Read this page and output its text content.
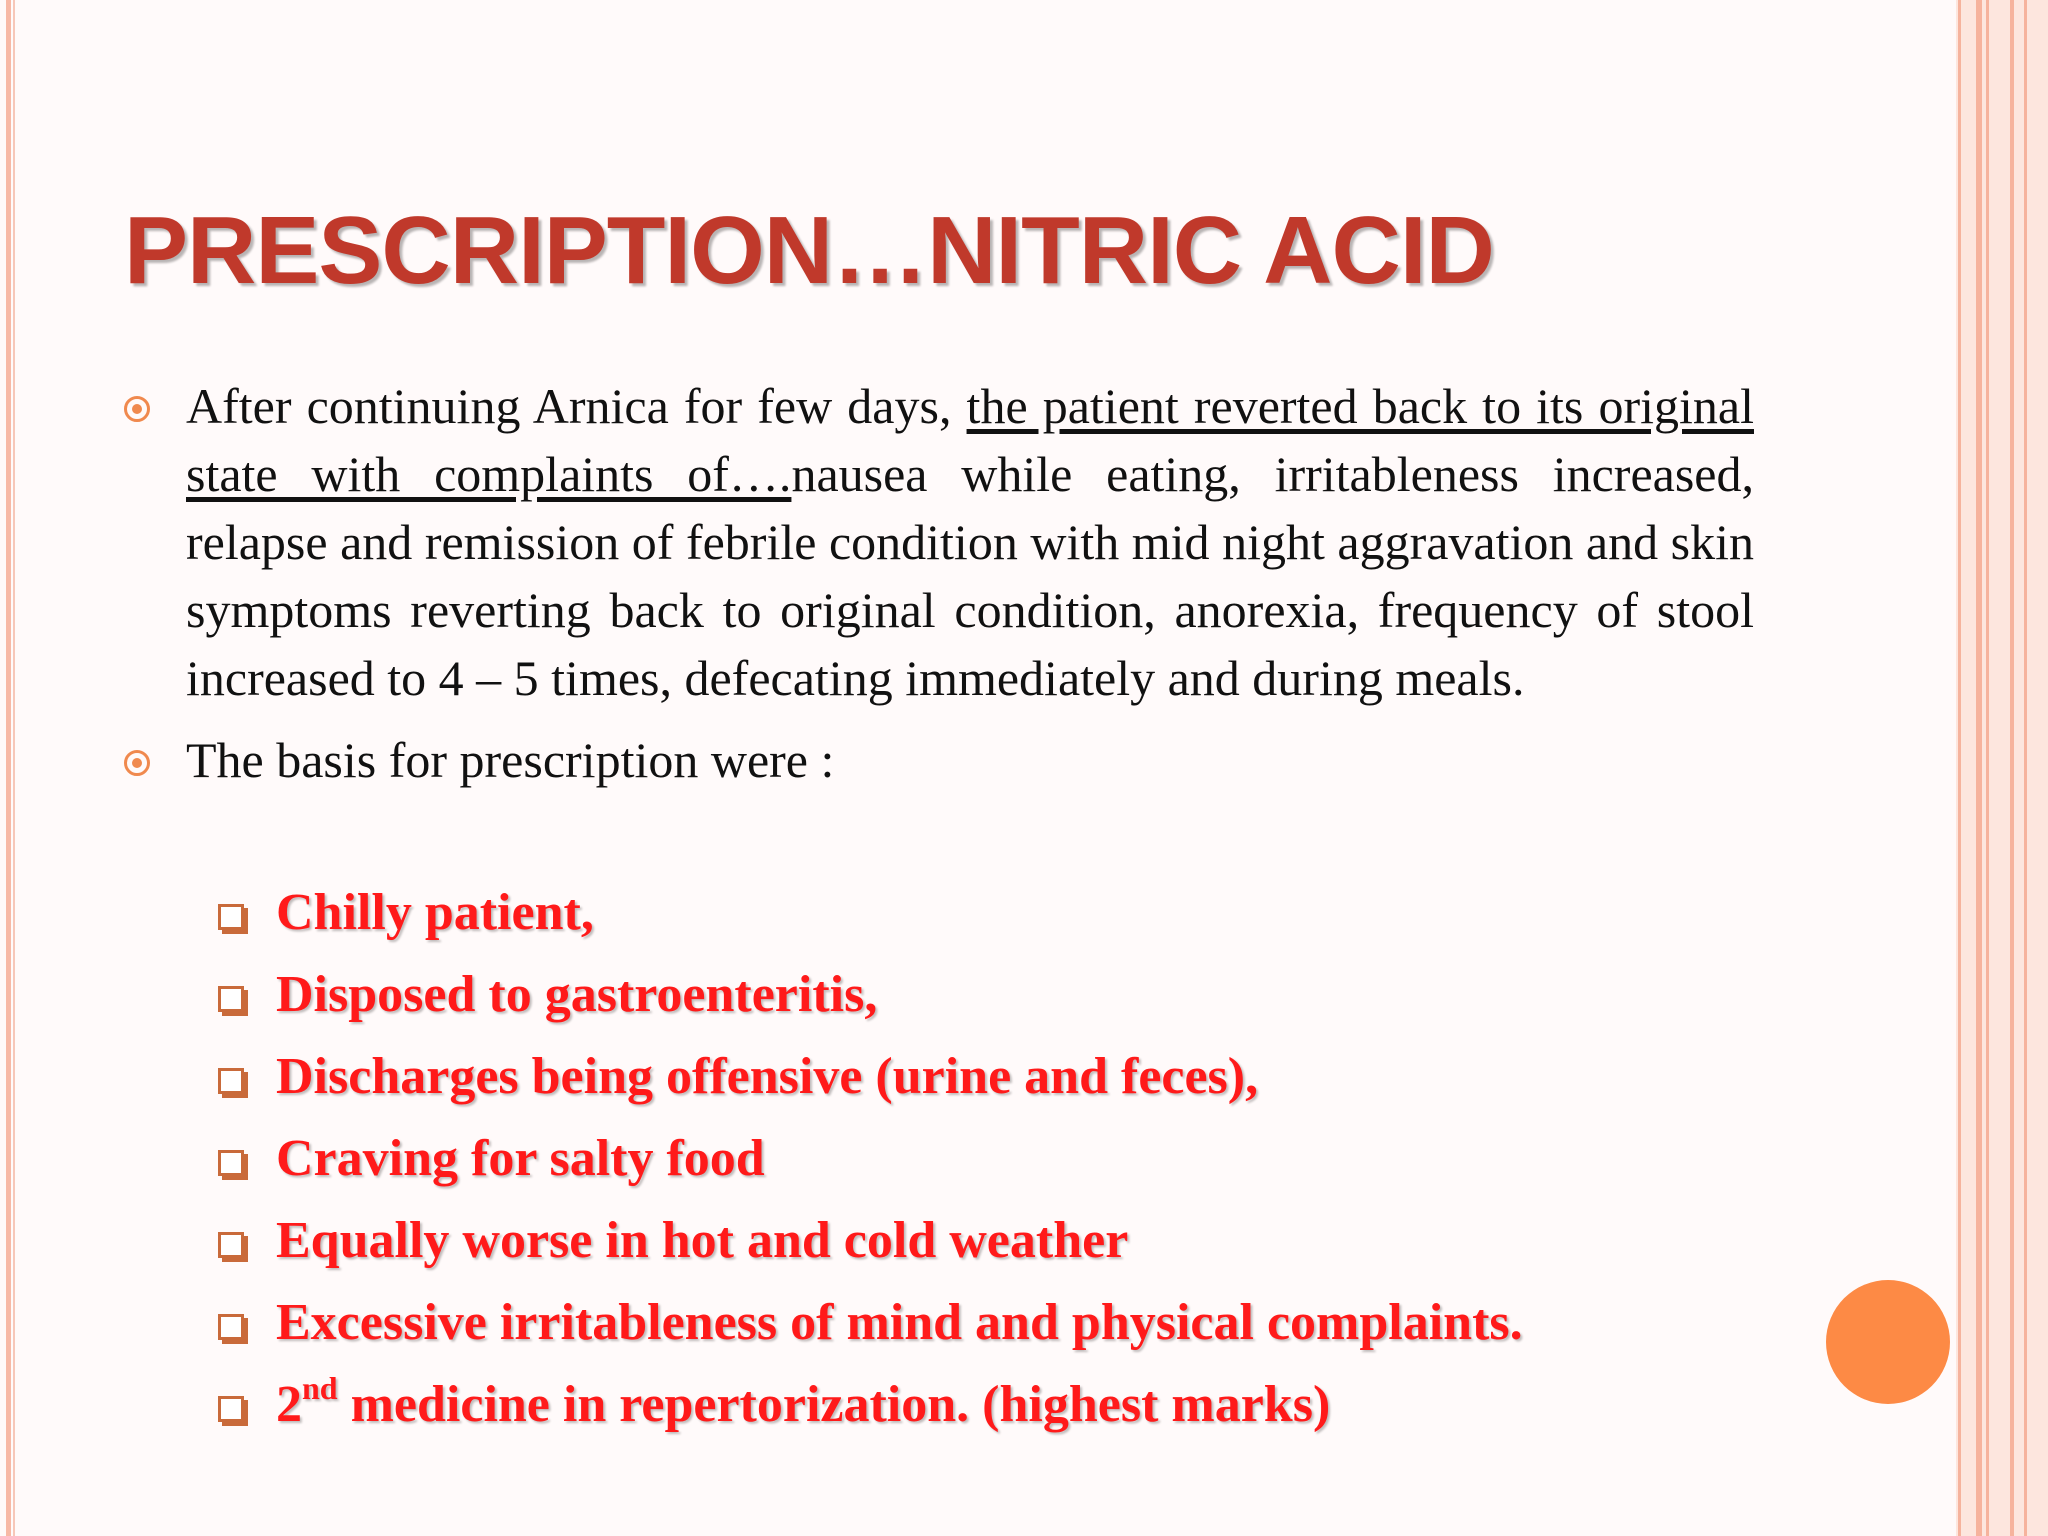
PRESCRIPTION…NITRIC ACID
After continuing Arnica for few days, the patient reverted back to its original state with complaints of….nausea while eating, irritableness increased, relapse and remission of febrile condition with mid night aggravation and skin symptoms reverting back to original condition, anorexia, frequency of stool increased to 4 – 5 times, defecating immediately and during meals.
The basis for prescription were :
Chilly patient,
Disposed to gastroenteritis,
Discharges being offensive (urine and feces),
Craving for salty food
Equally worse in hot and cold weather
Excessive irritableness of mind and physical complaints.
2nd medicine in repertorization. (highest marks)
